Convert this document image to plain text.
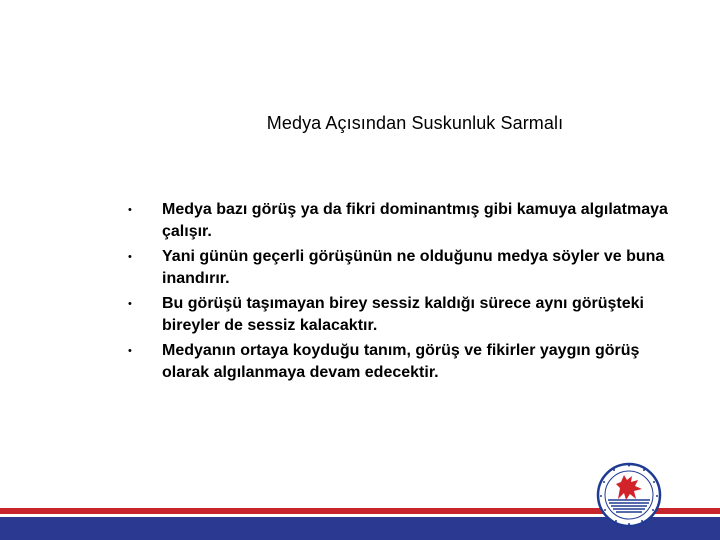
Medya Açısından Suskunluk Sarmalı
• Medya bazı görüş ya da fikri dominantmış gibi kamuya algılatmaya çalışır.
• Yani günün geçerli görüşünün ne olduğunu medya söyler ve buna inandırır.
• Bu görüşü taşımayan birey sessiz kaldığı sürece aynı görüşteki bireyler de sessiz kalacaktır.
• Medyanın ortaya koyduğu tanım, görüş ve fikirler yaygın görüş olarak algılanmaya devam edecektir.
